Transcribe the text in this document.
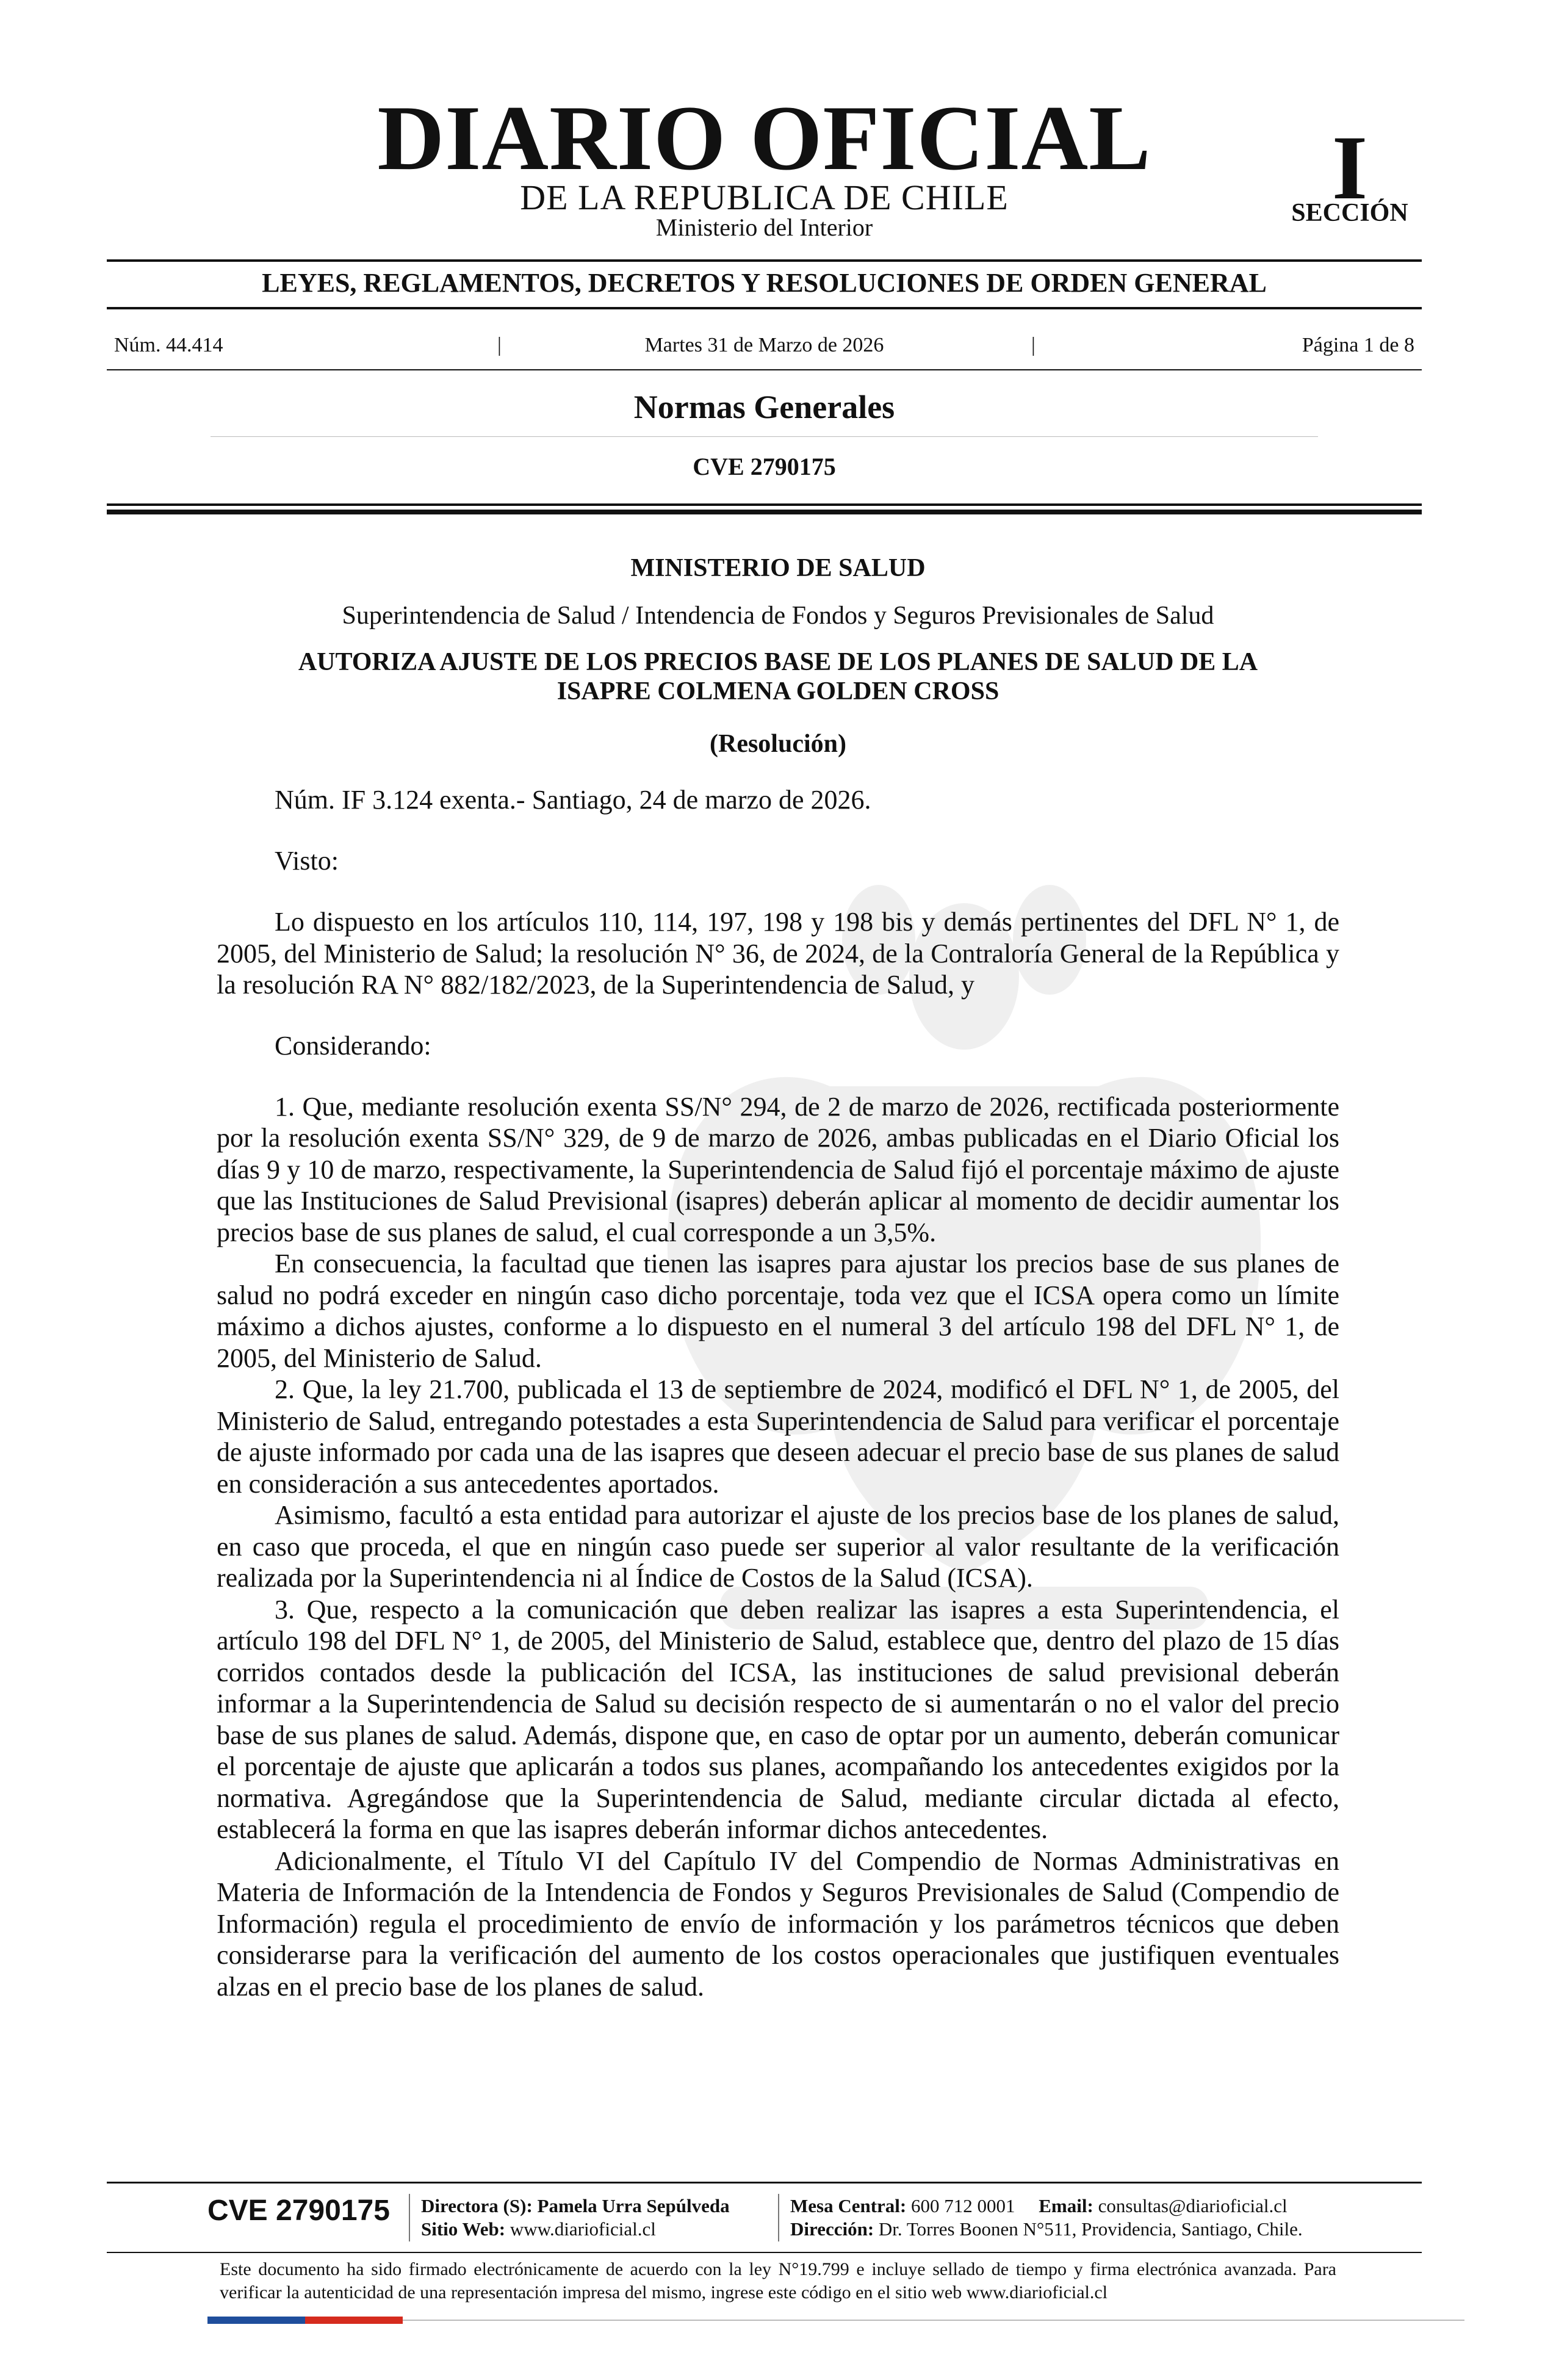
DIARIO OFICIAL
DE LA REPUBLICA DE CHILE
Ministerio del Interior
I
SECCIÓN
LEYES, REGLAMENTOS, DECRETOS Y RESOLUCIONES DE ORDEN GENERAL
Núm. 44.414	|	Martes 31 de Marzo de 2026	|	Página 1 de 8
Normas Generales
CVE 2790175

MINISTERIO DE SALUD

Superintendencia de Salud / Intendencia de Fondos y Seguros Previsionales de Salud

AUTORIZA AJUSTE DE LOS PRECIOS BASE DE LOS PLANES DE SALUD DE LA
ISAPRE COLMENA GOLDEN CROSS

(Resolución)

Núm. IF 3.124 exenta.- Santiago, 24 de marzo de 2026.

Visto:

Lo dispuesto en los artículos 110, 114, 197, 198 y 198 bis y demás pertinentes del DFL N° 1, de 2005, del Ministerio de Salud; la resolución N° 36, de 2024, de la Contraloría General de la República y la resolución RA N° 882/182/2023, de la Superintendencia de Salud, y

Considerando:

1. Que, mediante resolución exenta SS/N° 294, de 2 de marzo de 2026, rectificada posteriormente por la resolución exenta SS/N° 329, de 9 de marzo de 2026, ambas publicadas en el Diario Oficial los días 9 y 10 de marzo, respectivamente, la Superintendencia de Salud fijó el porcentaje máximo de ajuste que las Instituciones de Salud Previsional (isapres) deberán aplicar al momento de decidir aumentar los precios base de sus planes de salud, el cual corresponde a un 3,5%.

En consecuencia, la facultad que tienen las isapres para ajustar los precios base de sus planes de salud no podrá exceder en ningún caso dicho porcentaje, toda vez que el ICSA opera como un límite máximo a dichos ajustes, conforme a lo dispuesto en el numeral 3 del artículo 198 del DFL N° 1, de 2005, del Ministerio de Salud.

2. Que, la ley 21.700, publicada el 13 de septiembre de 2024, modificó el DFL N° 1, de 2005, del Ministerio de Salud, entregando potestades a esta Superintendencia de Salud para verificar el porcentaje de ajuste informado por cada una de las isapres que deseen adecuar el precio base de sus planes de salud en consideración a sus antecedentes aportados.

Asimismo, facultó a esta entidad para autorizar el ajuste de los precios base de los planes de salud, en caso que proceda, el que en ningún caso puede ser superior al valor resultante de la verificación realizada por la Superintendencia ni al Índice de Costos de la Salud (ICSA).

3. Que, respecto a la comunicación que deben realizar las isapres a esta Superintendencia, el artículo 198 del DFL N° 1, de 2005, del Ministerio de Salud, establece que, dentro del plazo de 15 días corridos contados desde la publicación del ICSA, las instituciones de salud previsional deberán informar a la Superintendencia de Salud su decisión respecto de si aumentarán o no el valor del precio base de sus planes de salud. Además, dispone que, en caso de optar por un aumento, deberán comunicar el porcentaje de ajuste que aplicarán a todos sus planes, acompañando los antecedentes exigidos por la normativa. Agregándose que la Superintendencia de Salud, mediante circular dictada al efecto, establecerá la forma en que las isapres deberán informar dichos antecedentes.

Adicionalmente, el Título VI del Capítulo IV del Compendio de Normas Administrativas en Materia de Información de la Intendencia de Fondos y Seguros Previsionales de Salud (Compendio de Información) regula el procedimiento de envío de información y los parámetros técnicos que deben considerarse para la verificación del aumento de los costos operacionales que justifiquen eventuales alzas en el precio base de los planes de salud.

CVE 2790175 Directora (S): Pamela Urra Sepúlveda
Sitio Web: www.diarioficial.cl
Mesa Central: 600 712 0001 Email: consultas@diarioficial.cl
Dirección: Dr. Torres Boonen N°511, Providencia, Santiago, Chile.
Este documento ha sido firmado electrónicamente de acuerdo con la ley N°19.799 e incluye sellado de tiempo y firma electrónica avanzada. Para verificar la autenticidad de una representación impresa del mismo, ingrese este código en el sitio web www.diarioficial.cl
